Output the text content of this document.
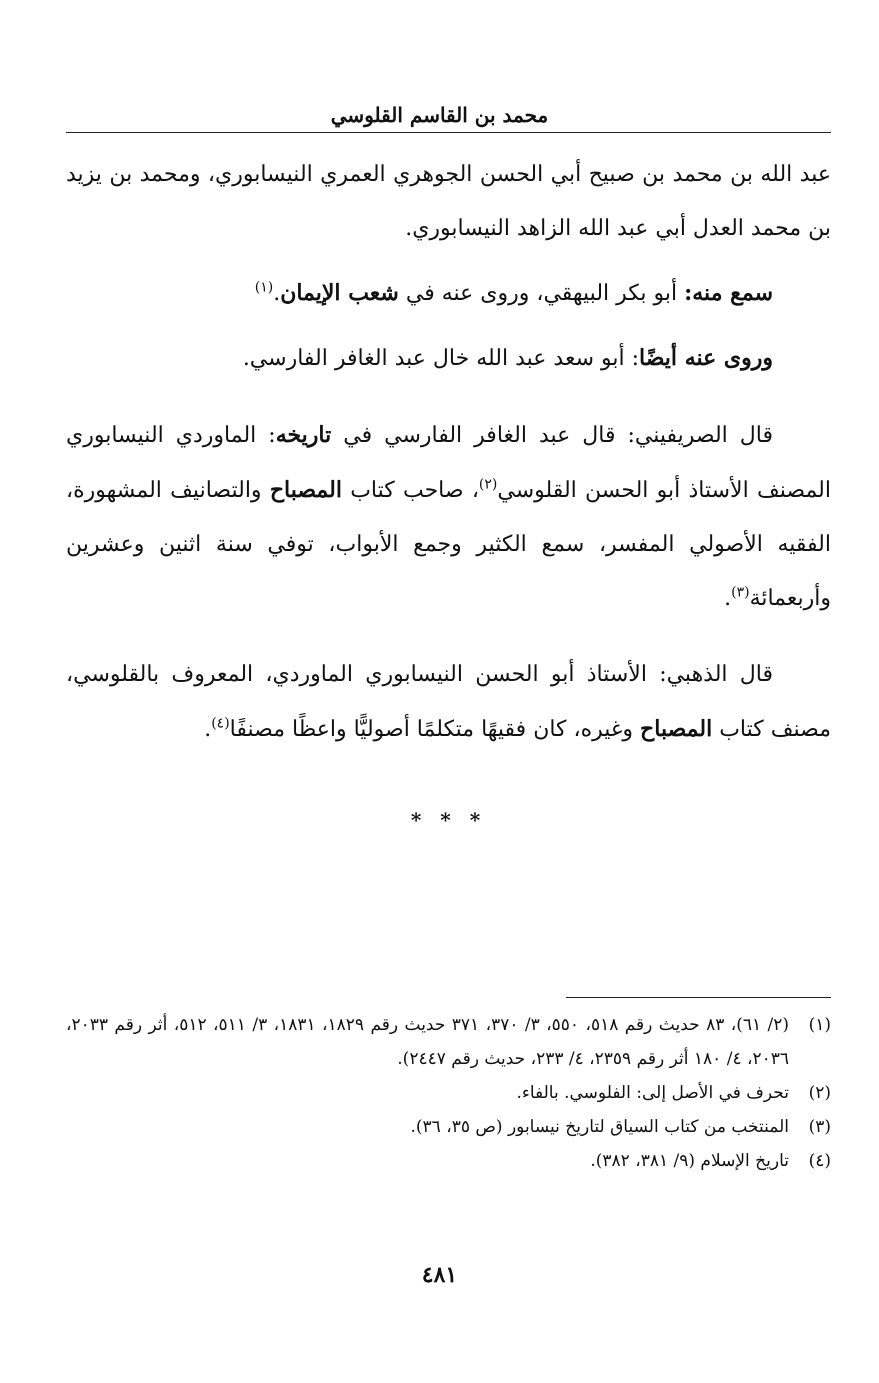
محمد بن القاسم القلوسي

عبد الله بن محمد بن صبيح أبي الحسن الجوهري العمري النيسابوري، ومحمد بن يزيد بن محمد العدل أبي عبد الله الزاهد النيسابوري.

سمع منه: أبو بكر البيهقي، وروى عنه في شعب الإيمان.$^{(١)}$

وروى عنه أيضًا: أبو سعد عبد الله خال عبد الغافر الفارسي.

قال الصريفيني: قال عبد الغافر الفارسي في تاريخه: الماوردي النيسابوري المصنف الأستاذ أبو الحسن القلوسي$^{(٢)}$، صاحب كتاب المصباح والتصانيف المشهورة، الفقيه الأصولي المفسر، سمع الكثير وجمع الأبواب، توفي سنة اثنين وعشرين وأربعمائة$^{(٣)}$.

قال الذهبي: الأستاذ أبو الحسن النيسابوري الماوردي، المعروف بالقلوسي، مصنف كتاب المصباح وغيره، كان فقيهًا متكلمًا أصوليًّا واعظًا مصنفًا$^{(٤)}$.

* * *
(١)
(٢/ ٦١)، ٨٣ حديث رقم ٥١٨، ٥٥٠، ٣/ ٣٧٠، ٣٧١ حديث رقم ١٨٢٩، ١٨٣١، ٣/ ٥١١، ٥١٢، أثر رقم ٢٠٣٣، ٢٠٣٦، ٤/ ١٨٠ أثر رقم ٢٣٥٩، ٤/ ٢٣٣، حديث رقم ٢٤٤٧).
(٢)
تحرف في الأصل إلى: الفلوسي. بالفاء.
(٣)
المنتخب من كتاب السياق لتاريخ نيسابور (ص ٣٥، ٣٦).
(٤)
تاريخ الإسلام (٩/ ٣٨١، ٣٨٢).
٤٨١
